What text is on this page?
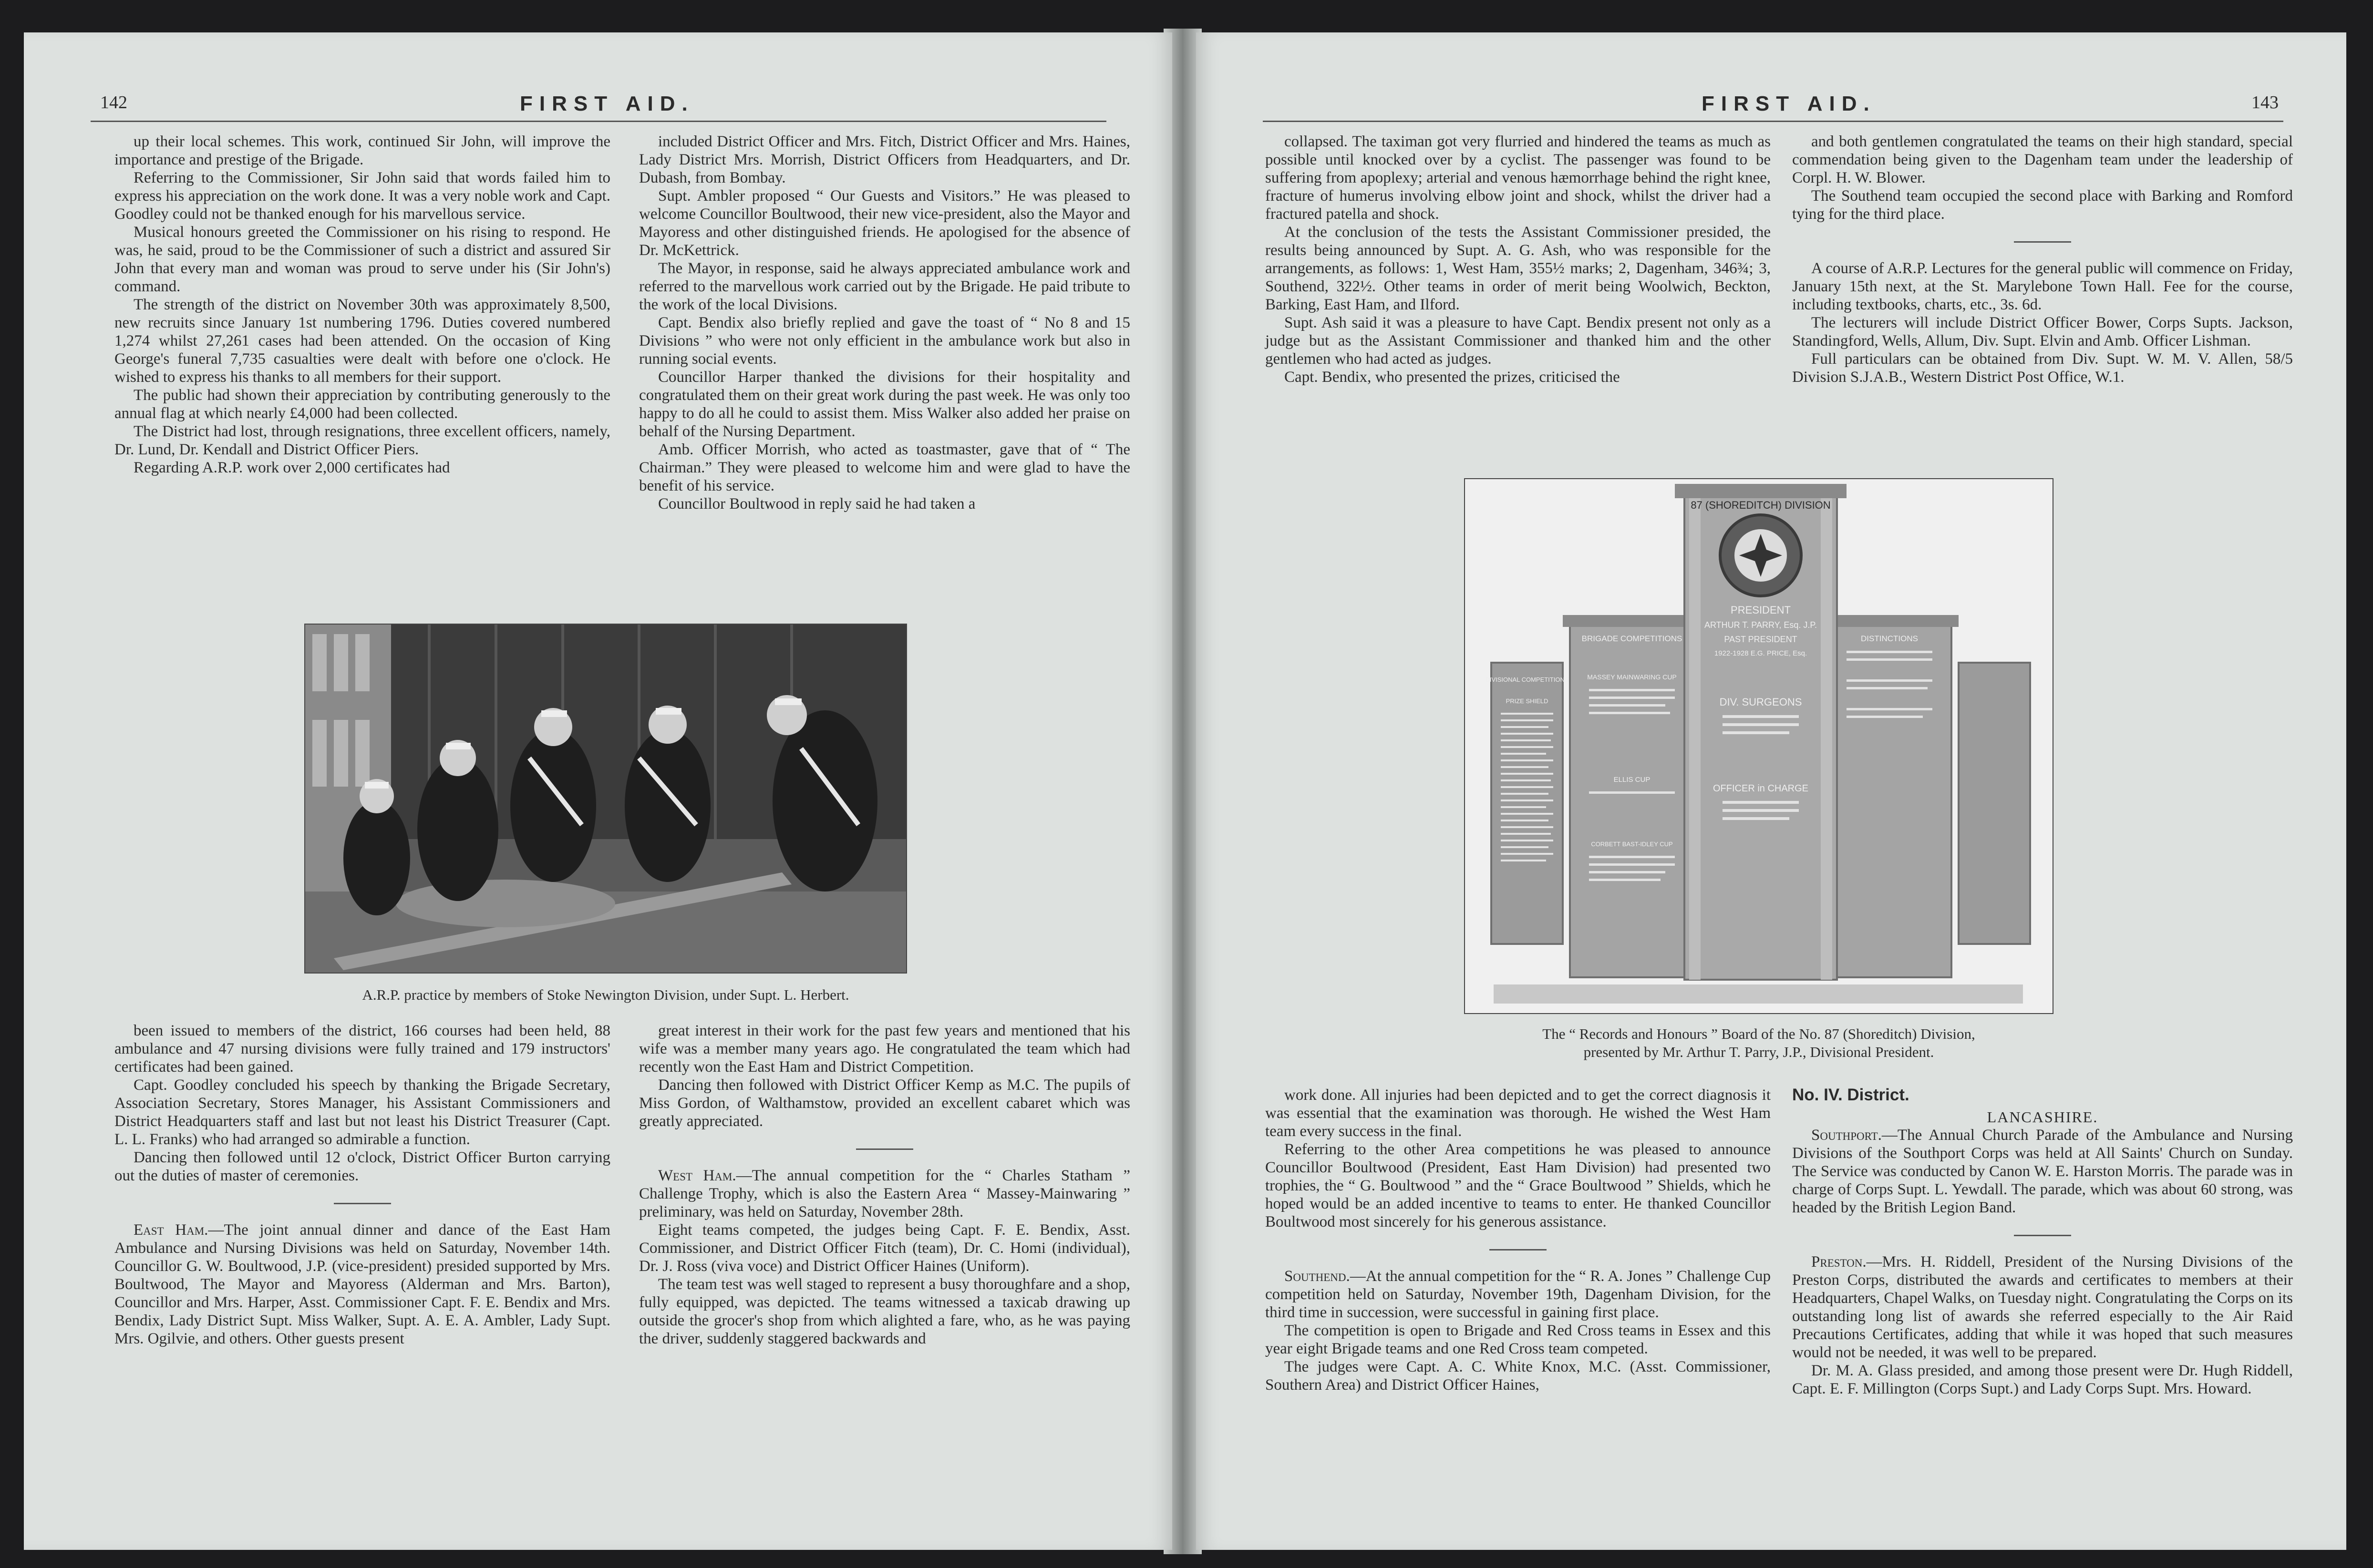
142	FIRST AID.

up their local schemes. This work, continued Sir John, will improve the importance and prestige of the Brigade.

Referring to the Commissioner, Sir John said that words failed him to express his appreciation on the work done. It was a very noble work and Capt. Goodley could not be thanked enough for his marvellous service.

Musical honours greeted the Commissioner on his rising to respond. He was, he said, proud to be the Commissioner of such a district and assured Sir John that every man and woman was proud to serve under his (Sir John's) command.

The strength of the district on November 30th was approximately 8,500, new recruits since January 1st numbering 1796. Duties covered numbered 1,274 whilst 27,261 cases had been attended. On the occasion of King George's funeral 7,735 casualties were dealt with before one o'clock. He wished to express his thanks to all members for their support.

The public had shown their appreciation by contributing generously to the annual flag at which nearly £4,000 had been collected.

The District had lost, through resignations, three excellent officers, namely, Dr. Lund, Dr. Kendall and District Officer Piers.

Regarding A.R.P. work over 2,000 certificates had

included District Officer and Mrs. Fitch, District Officer and Mrs. Haines, Lady District Mrs. Morrish, District Officers from Headquarters, and Dr. Dubash, from Bombay.

Supt. Ambler proposed “ Our Guests and Visitors.” He was pleased to welcome Councillor Boultwood, their new vice-president, also the Mayor and Mayoress and other distinguished friends. He apologised for the absence of Dr. McKettrick.

The Mayor, in response, said he always appreciated ambulance work and referred to the marvellous work carried out by the Brigade. He paid tribute to the work of the local Divisions.

Capt. Bendix also briefly replied and gave the toast of “ No 8 and 15 Divisions ” who were not only efficient in the ambulance work but also in running social events.

Councillor Harper thanked the divisions for their hospitality and congratulated them on their great work during the past week. He was only too happy to do all he could to assist them. Miss Walker also added her praise on behalf of the Nursing Department.

Amb. Officer Morrish, who acted as toastmaster, gave that of “ The Chairman.” They were pleased to welcome him and were glad to have the benefit of his service.

Councillor Boultwood in reply said he had taken a

A.R.P. practice by members of Stoke Newington Division, under Supt. L. Herbert.

been issued to members of the district, 166 courses had been held, 88 ambulance and 47 nursing divisions were fully trained and 179 instructors' certificates had been gained.

Capt. Goodley concluded his speech by thanking the Brigade Secretary, Association Secretary, Stores Manager, his Assistant Commissioners and District Headquarters staff and last but not least his District Treasurer (Capt. L. L. Franks) who had arranged so admirable a function.

Dancing then followed until 12 o'clock, District Officer Burton carrying out the duties of master of ceremonies.

East Ham.—The joint annual dinner and dance of the East Ham Ambulance and Nursing Divisions was held on Saturday, November 14th. Councillor G. W. Boultwood, J.P. (vice-president) presided supported by Mrs. Boultwood, The Mayor and Mayoress (Alderman and Mrs. Barton), Councillor and Mrs. Harper, Asst. Commissioner Capt. F. E. Bendix and Mrs. Bendix, Lady District Supt. Miss Walker, Supt. A. E. A. Ambler, Lady Supt. Mrs. Ogilvie, and others. Other guests present

great interest in their work for the past few years and mentioned that his wife was a member many years ago. He congratulated the team which had recently won the East Ham and District Competition.

Dancing then followed with District Officer Kemp as M.C. The pupils of Miss Gordon, of Walthamstow, provided an excellent cabaret which was greatly appreciated.

West Ham.—The annual competition for the “ Charles Statham ” Challenge Trophy, which is also the Eastern Area “ Massey-Mainwaring ” preliminary, was held on Saturday, November 28th.

Eight teams competed, the judges being Capt. F. E. Bendix, Asst. Commissioner, and District Officer Fitch (team), Dr. C. Homi (individual), Dr. J. Ross (viva voce) and District Officer Haines (Uniform).

The team test was well staged to represent a busy thoroughfare and a shop, fully equipped, was depicted. The teams witnessed a taxicab drawing up outside the grocer's shop from which alighted a fare, who, as he was paying the driver, suddenly staggered backwards and

FIRST AID.	143

collapsed. The taximan got very flurried and hindered the teams as much as possible until knocked over by a cyclist. The passenger was found to be suffering from apoplexy; arterial and venous hæmorrhage behind the right knee, fracture of humerus involving elbow joint and shock, whilst the driver had a fractured patella and shock.

At the conclusion of the tests the Assistant Commissioner presided, the results being announced by Supt. A. G. Ash, who was responsible for the arrangements, as follows: 1, West Ham, 355½ marks; 2, Dagenham, 346¾; 3, Southend, 322½. Other teams in order of merit being Woolwich, Beckton, Barking, East Ham, and Ilford.

Supt. Ash said it was a pleasure to have Capt. Bendix present not only as a judge but as the Assistant Commissioner and thanked him and the other gentlemen who had acted as judges.

Capt. Bendix, who presented the prizes, criticised the

and both gentlemen congratulated the teams on their high standard, special commendation being given to the Dagenham team under the leadership of Corpl. H. W. Blower.

The Southend team occupied the second place with Barking and Romford tying for the third place.

A course of A.R.P. Lectures for the general public will commence on Friday, January 15th next, at the St. Marylebone Town Hall. Fee for the course, including textbooks, charts, etc., 3s. 6d.

The lecturers will include District Officer Bower, Corps Supts. Jackson, Standingford, Wells, Allum, Div. Supt. Elvin and Amb. Officer Lishman.

Full particulars can be obtained from Div. Supt. W. M. V. Allen, 58/5 Division S.J.A.B., Western District Post Office, W.1.

87 (SHOREDITCH) DIVISION
PRESIDENT
ARTHUR T. PARRY, Esq. J.P.
PAST PRESIDENT
1922-1928 E.G. PRICE, Esq.
DIV. SURGEONS
OFFICER in CHARGE
BRIGADE COMPETITIONS
MASSEY MAINWARING CUP
ELLIS CUP
CORBETT BAST-IDLEY CUP
DISTINCTIONS
DIVISIONAL COMPETITIONS
PRIZE SHIELD
The “ Records and Honours ” Board of the No. 87 (Shoreditch) Division,
presented by Mr. Arthur T. Parry, J.P., Divisional President.

work done. All injuries had been depicted and to get the correct diagnosis it was essential that the examination was thorough. He wished the West Ham team every success in the final.

Referring to the other Area competitions he was pleased to announce Councillor Boultwood (President, East Ham Division) had presented two trophies, the “ G. Boultwood ” and the “ Grace Boultwood ” Shields, which he hoped would be an added incentive to teams to enter. He thanked Councillor Boultwood most sincerely for his generous assistance.

Southend.—At the annual competition for the “ R. A. Jones ” Challenge Cup competition held on Saturday, November 19th, Dagenham Division, for the third time in succession, were successful in gaining first place.

The competition is open to Brigade and Red Cross teams in Essex and this year eight Brigade teams and one Red Cross team competed.

The judges were Capt. A. C. White Knox, M.C. (Asst. Commissioner, Southern Area) and District Officer Haines,

No. IV. District.

LANCASHIRE.

Southport.—The Annual Church Parade of the Ambulance and Nursing Divisions of the Southport Corps was held at All Saints' Church on Sunday. The Service was conducted by Canon W. E. Harston Morris. The parade was in charge of Corps Supt. L. Yewdall. The parade, which was about 60 strong, was headed by the British Legion Band.

Preston.—Mrs. H. Riddell, President of the Nursing Divisions of the Preston Corps, distributed the awards and certificates to members at their Headquarters, Chapel Walks, on Tuesday night. Congratulating the Corps on its outstanding long list of awards she referred especially to the Air Raid Precautions Certificates, adding that while it was hoped that such measures would not be needed, it was well to be prepared.

Dr. M. A. Glass presided, and among those present were Dr. Hugh Riddell, Capt. E. F. Millington (Corps Supt.) and Lady Corps Supt. Mrs. Howard.
